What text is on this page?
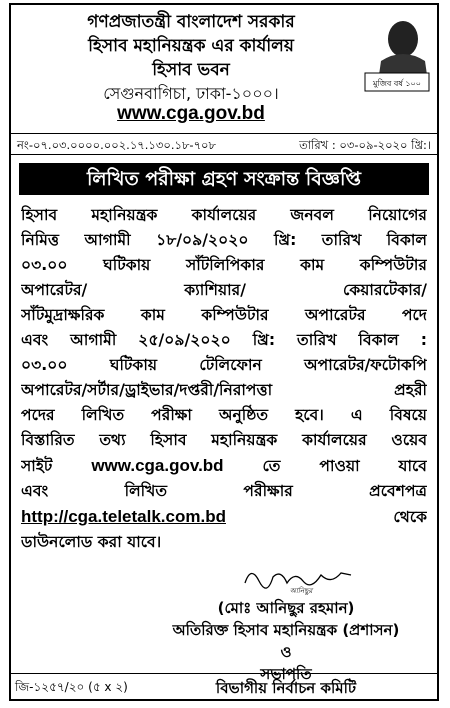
গণপ্রজাতন্ত্রী বাংলাদেশ সরকার
হিসাব মহানিয়ন্ত্রক এর কার্যালয়
হিসাব ভবন
সেগুনবাগিচা, ঢাকা-১০০০।
www.cga.gov.bd
মুজিব বর্ষ ১০০
নং-০৭.০৩.০০০০.০০২.১৭.১৩০.১৮-৭০৮	তারিখ : ০৩-০৯-২০২০ খ্রি:।
লিখিত পরীক্ষা গ্রহণ সংক্রান্ত বিজ্ঞপ্তি
হিসাব মহানিয়ন্ত্রক কার্যালয়ের জনবল নিয়োগের
নিমিত্ত আগামী ১৮/০৯/২০২০ খ্রি: তারিখ বিকাল
০৩.০০ ঘটিকায় সাঁটলিপিকার কাম কম্পিউটার
অপারেটর/ ক্যাশিয়ার/ কেয়ারটেকার/
সাঁটমুদ্রাক্ষরিক কাম কম্পিউটার অপারেটর পদে
এবং আগামী ২৫/০৯/২০২০ খ্রি: তারিখ বিকাল :
০৩.০০ ঘটিকায় টেলিফোন অপারেটর/ফটোকপি
অপারেটর/সর্টার/ড্রাইভার/দপ্তরী/নিরাপত্তা প্রহরী
পদের লিখিত পরীক্ষা অনুষ্ঠিত হবে। এ বিষয়ে
বিস্তারিত তথ্য হিসাব মহানিয়ন্ত্রক কার্যালয়ের ওয়েব
সাইট www.cga.gov.bd তে পাওয়া যাবে
এবং লিখিত পরীক্ষার প্রবেশপত্র
http://cga.teletalk.com.bd	থেকে
ডাউনলোড করা যাবে।
আনিছুর
(মোঃ আনিছুর রহমান)
অতিরিক্ত হিসাব মহানিয়ন্ত্রক (প্রশাসন)
ও
সভাপতি
জি-১২৫৭/২০ (৫ x ২)	বিভাগীয় নির্বাচন কমিটি
